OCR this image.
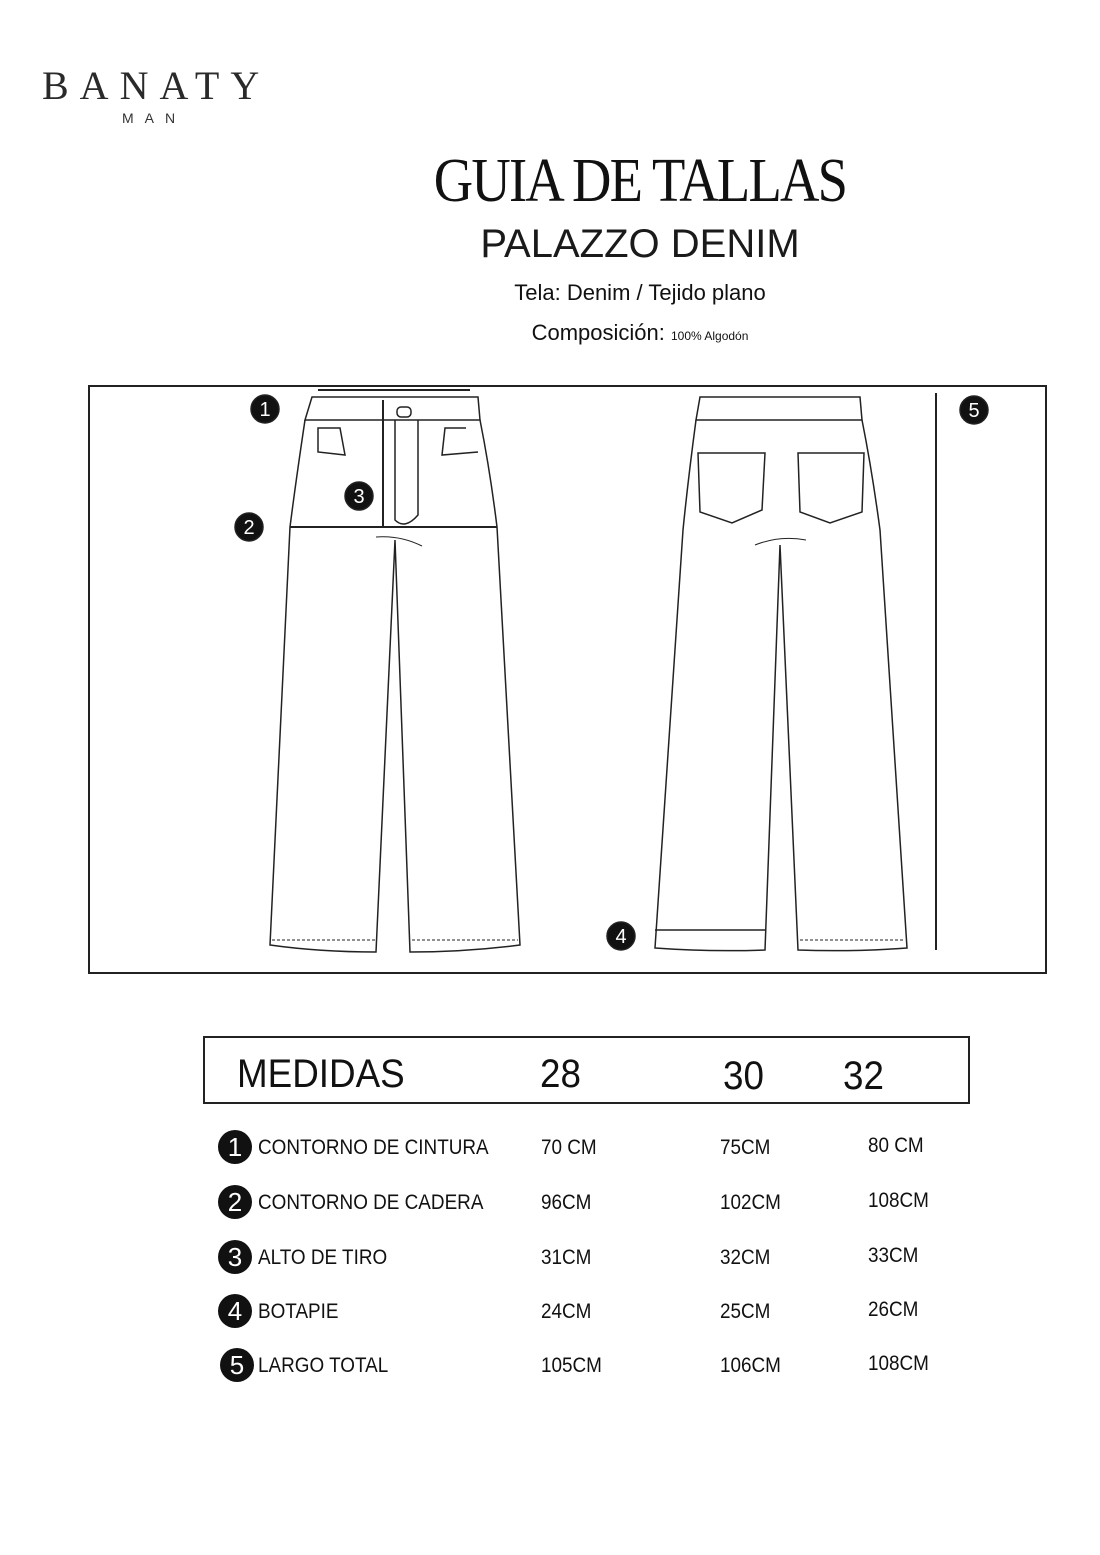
BANATY
MAN
GUIA DE TALLAS
PALAZZO DENIM
Tela: Denim / Tejido plano
Composición: 100% Algodón
1
2
3
4
5
MEDIDAS	28	30 32
1 CONTORNO DE CINTURA 70 CM	75CM	80 CM
2 CONTORNO DE CADERA	96CM	102CM	108CM
3 ALTO DE TIRO	31CM	32CM	33CM
4 BOTAPIE	24CM	25CM	26CM
5 LARGO TOTAL	105CM	106CM	108CM
